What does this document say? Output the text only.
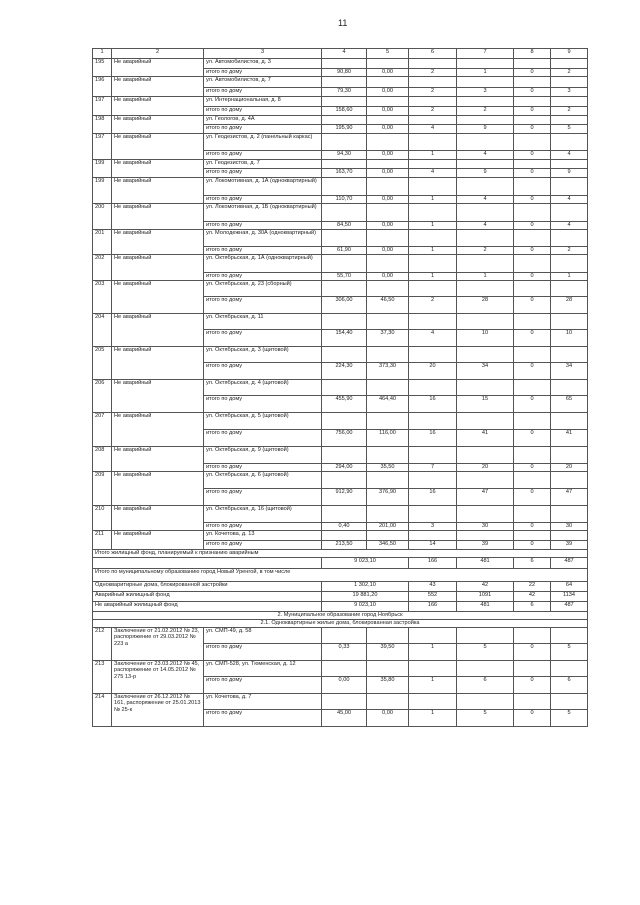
11
1	2	3	4	5	6	7	8	9
195	Не аварийный	ул. Автомобилистов, д. 3						
		итого по дому	90,80	0,00	2	1	0	2
196	Не аварийный	ул. Автомобилистов, д. 7						
		итого по дому	79,30	0,00	2	3	0	3
197	Не аварийный	ул. Интернациональная, д. 8						
		итого по дому	158,60	0,00	2	2	0	2
198	Не аварийный	ул. Геологов, д. 4А						
		итого по дому	195,90	0,00	4	9	0	5
197	Не аварийный	ул. Геодезистов, д. 2 (панельный каркас)						
		итого по дому	94,30	0,00	1	4	0	4
199	Не аварийный	ул. Геодезистов, д. 7						
		итого по дому	163,70	0,00	4	9	0	9
199	Не аварийный	ул. Локомотивная, д. 1А (одноквартирный)						
		итого по дому	110,70	0,00	1	4	0	4
200	Не аварийный	ул. Локомотивная, д. 1Б (одноквартирный)						
		итого по дому	84,50	0,00	1	4	0	4
201	Не аварийный	ул. Молодежная, д. 30А (одноквартирный)						
		итого по дому	61,90	0,00	1	2	0	2
202	Не аварийный	ул. Октябрьская, д. 1А (одноквартирный)						
		итого по дому	55,70	0,00	1	1	0	1
203	Не аварийный	ул. Октябрьская, д. 23 (сборный)						
		итого по дому	306,00	46,50	2	28	0	28
204	Не аварийный	ул. Октябрьская, д. 11						
		итого по дому	154,40	37,30	4	10	0	10
205	Не аварийный	ул. Октябрьская, д. 3 (щитовой)						
		итого по дому	224,30	373,30	20	34	0	34
206	Не аварийный	ул. Октябрьская, д. 4 (щитовой)						
		итого по дому	455,90	464,40	16	15	0	65
207	Не аварийный	ул. Октябрьская, д. 5 (щитовой)						
		итого по дому	756,00	116,00	16	41	0	41
208	Не аварийный	ул. Октябрьская, д. 9 (щитовой)						
		итого по дому	294,00	35,50	7	20	0	20
209	Не аварийный	ул. Октябрьская, д. 6 (щитовой)						
		итого по дому	912,90	376,90	16	47	0	47
210	Не аварийный	ул. Октябрьская, д. 16 (щитовой)						
		итого по дому	0,40	201,00	3	30	0	30
211	Не аварийный	ул. Кочетова, д. 13						
		итого по дому	213,50	346,50	14	39	0	39
Итого жилищный фонд, планируемый к признанию аварийным								
			9 023,10		166	481	6	487
Итого по муниципальному образованию город Новый Уренгой, в том числе								
Однокваритирные дома, блокированной застройки			1 302,10		43	42	22	64
Аварийный жилищный фонд			19 881,20		552	1091	42	1134
Не аварийный жилищный фонд			9 023,10		166	481	6	487
2. Муниципальное образование город Ноябрьск								
2.1. Одноквартирные жилые дома, блокированная застройка								
212	Заключение от 21.02.2012 № 23, распоряжение от 29.03.2012 № 223 а	ул. СМП-49, д. 58						
		итого по дому	0,33	39,50	1	5	0	5
213	Заключение от 23.03.2012 № 45, распоряжение от 14.05.2012 № 275 13-р	ул. СМП-528, ул. Тюменская, д. 12						
		итого по дому	0,00	35,80	1	6	0	6
214	Заключение от 26.12.2012 № 161, распоряжение от 25.01.2013 № 25-к	ул. Кочетова, д. 7						
		итого по дому	45,00	0,00	1	5	0	5
